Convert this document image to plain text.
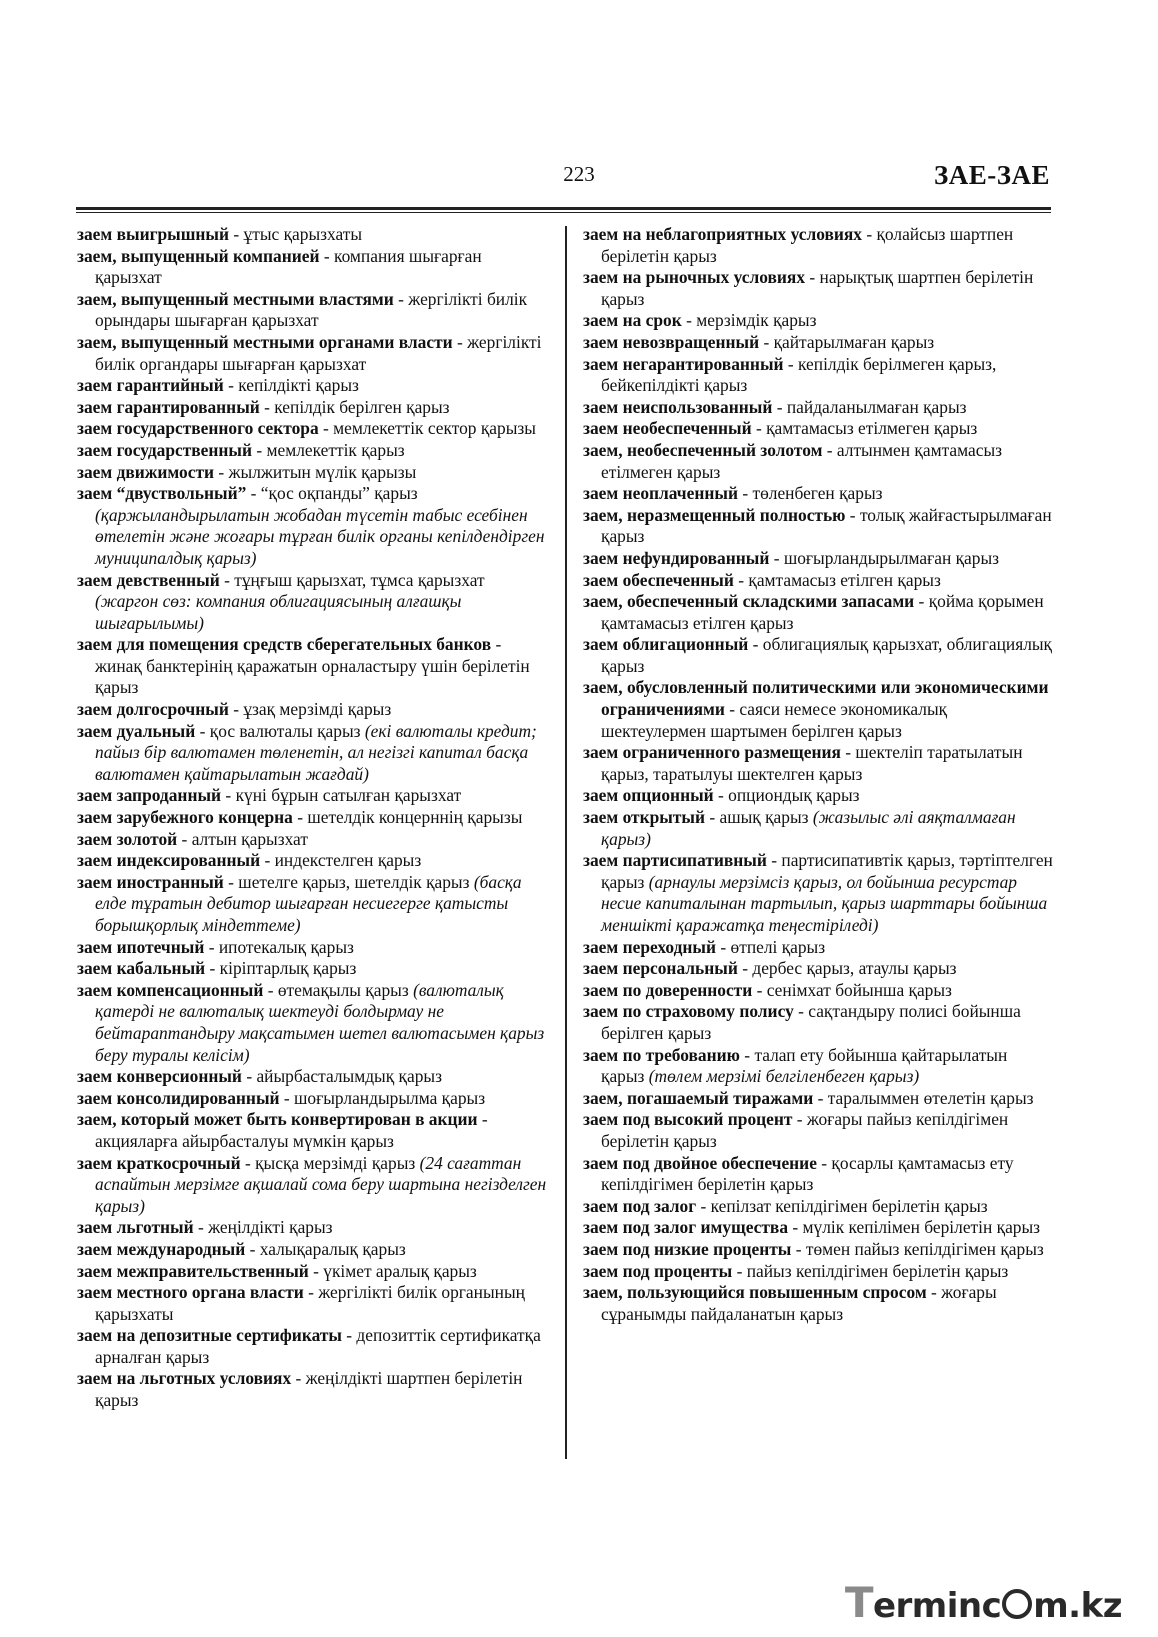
223	ЗАЕ-ЗАЕ

заем выигрышный - ұтыс қарызхаты

заем, выпущенный компанией - компания шығарған қарызхат

заем, выпущенный местными властями - жергілікті билік орындары шығарған қарызхат

заем, выпущенный местными органами власти - жергілікті билік органдары шығарған қарызхат

заем гарантийный - кепілдікті қарыз

заем гарантированный - кепілдік берілген қарыз

заем государственного сектора - мемлекеттік сектор қарызы

заем государственный - мемлекеттік қарыз

заем движимости - жылжитын мүлік қарызы

заем “двуствольный” - “қос оқпанды” қарыз (қаржыландырылатын жобадан түсетін табыс есебінен өтелетін және жоғары тұрған билік органы кепілдендірген муниципалдық қарыз)

заем девственный - тұңғыш қарызхат, тұмса қарызхат (жаргон сөз: компания облигациясының алғашқы шығарылымы)

заем для помещения средств сберегательных банков - жинақ банктерінің қаражатын орналастыру үшін берілетін қарыз

заем долгосрочный - ұзақ мерзімді қарыз

заем дуальный - қос валюталы қарыз (екі валюталы кредит; пайыз бір валютамен төленетін, ал негізгі капитал басқа валютамен қайтарылатын жағдай)

заем запроданный - күні бұрын сатылған қарызхат

заем зарубежного концерна - шетелдік концерннің қарызы

заем золотой - алтын қарызхат

заем индексированный - индекстелген қарыз

заем иностранный - шетелге қарыз, шетелдік қарыз (басқа елде тұратын дебитор шығарған несиегерге қатысты борышқорлық міндеттеме)

заем ипотечный - ипотекалық қарыз

заем кабальный - кіріптарлық қарыз

заем компенсационный - өтемақылы қарыз (валюталық қатерді не валюталық шектеуді болдырмау не бейтараптандыру мақсатымен шетел валютасымен қарыз беру туралы келісім)

заем конверсионный - айырбасталымдық қарыз

заем консолидированный - шоғырландырылма қарыз

заем, который может быть конвертирован в акции - акцияларға айырбасталуы мүмкін қарыз

заем краткосрочный - қысқа мерзімді қарыз (24 сағаттан аспайтын мерзімге ақшалай сома беру шартына негізделген қарыз)

заем льготный - жеңілдікті қарыз

заем международный - халықаралық қарыз

заем межправительственный - үкімет аралық қарыз

заем местного органа власти - жергілікті билік органының қарызхаты

заем на депозитные сертификаты - депозиттік сертификатқа арналған қарыз

заем на льготных условиях - жеңілдікті шартпен берілетін қарыз

заем на неблагоприятных условиях - қолайсыз шартпен берілетін қарыз

заем на рыночных условиях - нарықтық шартпен берілетін қарыз

заем на срок - мерзімдік қарыз

заем невозвращенный - қайтарылмаған қарыз

заем негарантированный - кепілдік берілмеген қарыз, бейкепілдікті қарыз

заем неиспользованный - пайдаланылмаған қарыз

заем необеспеченный - қамтамасыз етілмеген қарыз

заем, необеспеченный золотом - алтынмен қамтамасыз етілмеген қарыз

заем неоплаченный - төленбеген қарыз

заем, неразмещенный полностью - толық жайғастырылмаған қарыз

заем нефундированный - шоғырландырылмаған қарыз

заем обеспеченный - қамтамасыз етілген қарыз

заем, обеспеченный складскими запасами - қойма қорымен қамтамасыз етілген қарыз

заем облигационный - облигациялық қарызхат, облигациялық қарыз

заем, обусловленный политическими или экономическими ограничениями - саяси немесе экономикалық шектеулермен шартымен берілген қарыз

заем ограниченного размещения - шектеліп таратылатын қарыз, таратылуы шектелген қарыз

заем опционный - опциондық қарыз

заем открытый - ашық қарыз (жазылыс әлі аяқталмаған қарыз)

заем партисипативный - партисипативтік қарыз, тәртіптелген қарыз (арнаулы мерзімсіз қарыз, ол бойынша ресурстар несие капиталынан тартылып, қарыз шарттары бойынша меншікті қаражатқа теңестіріледі)

заем переходный - өтпелі қарыз

заем персональный - дербес қарыз, атаулы қарыз

заем по доверенности - сенімхат бойынша қарыз

заем по страховому полису - сақтандыру полисі бойынша берілген қарыз

заем по требованию - талап ету бойынша қайтарылатын қарыз (төлем мерзімі белгіленбеген қарыз)

заем, погашаемый тиражами - таралыммен өтелетін қарыз

заем под высокий процент - жоғары пайыз кепілдігімен берілетін қарыз

заем под двойное обеспечение - қосарлы қамтамасыз ету кепілдігімен берілетін қарыз

заем под залог - кепілзат кепілдігімен берілетін қарыз

заем под залог имущества - мүлік кепілімен берілетін қарыз

заем под низкие проценты - төмен пайыз кепілдігімен қарыз

заем под проценты - пайыз кепілдігімен берілетін қарыз

заем, пользующийся повышенным спросом - жоғары сұранымды пайдаланатын қарыз

Terminc m.kz
